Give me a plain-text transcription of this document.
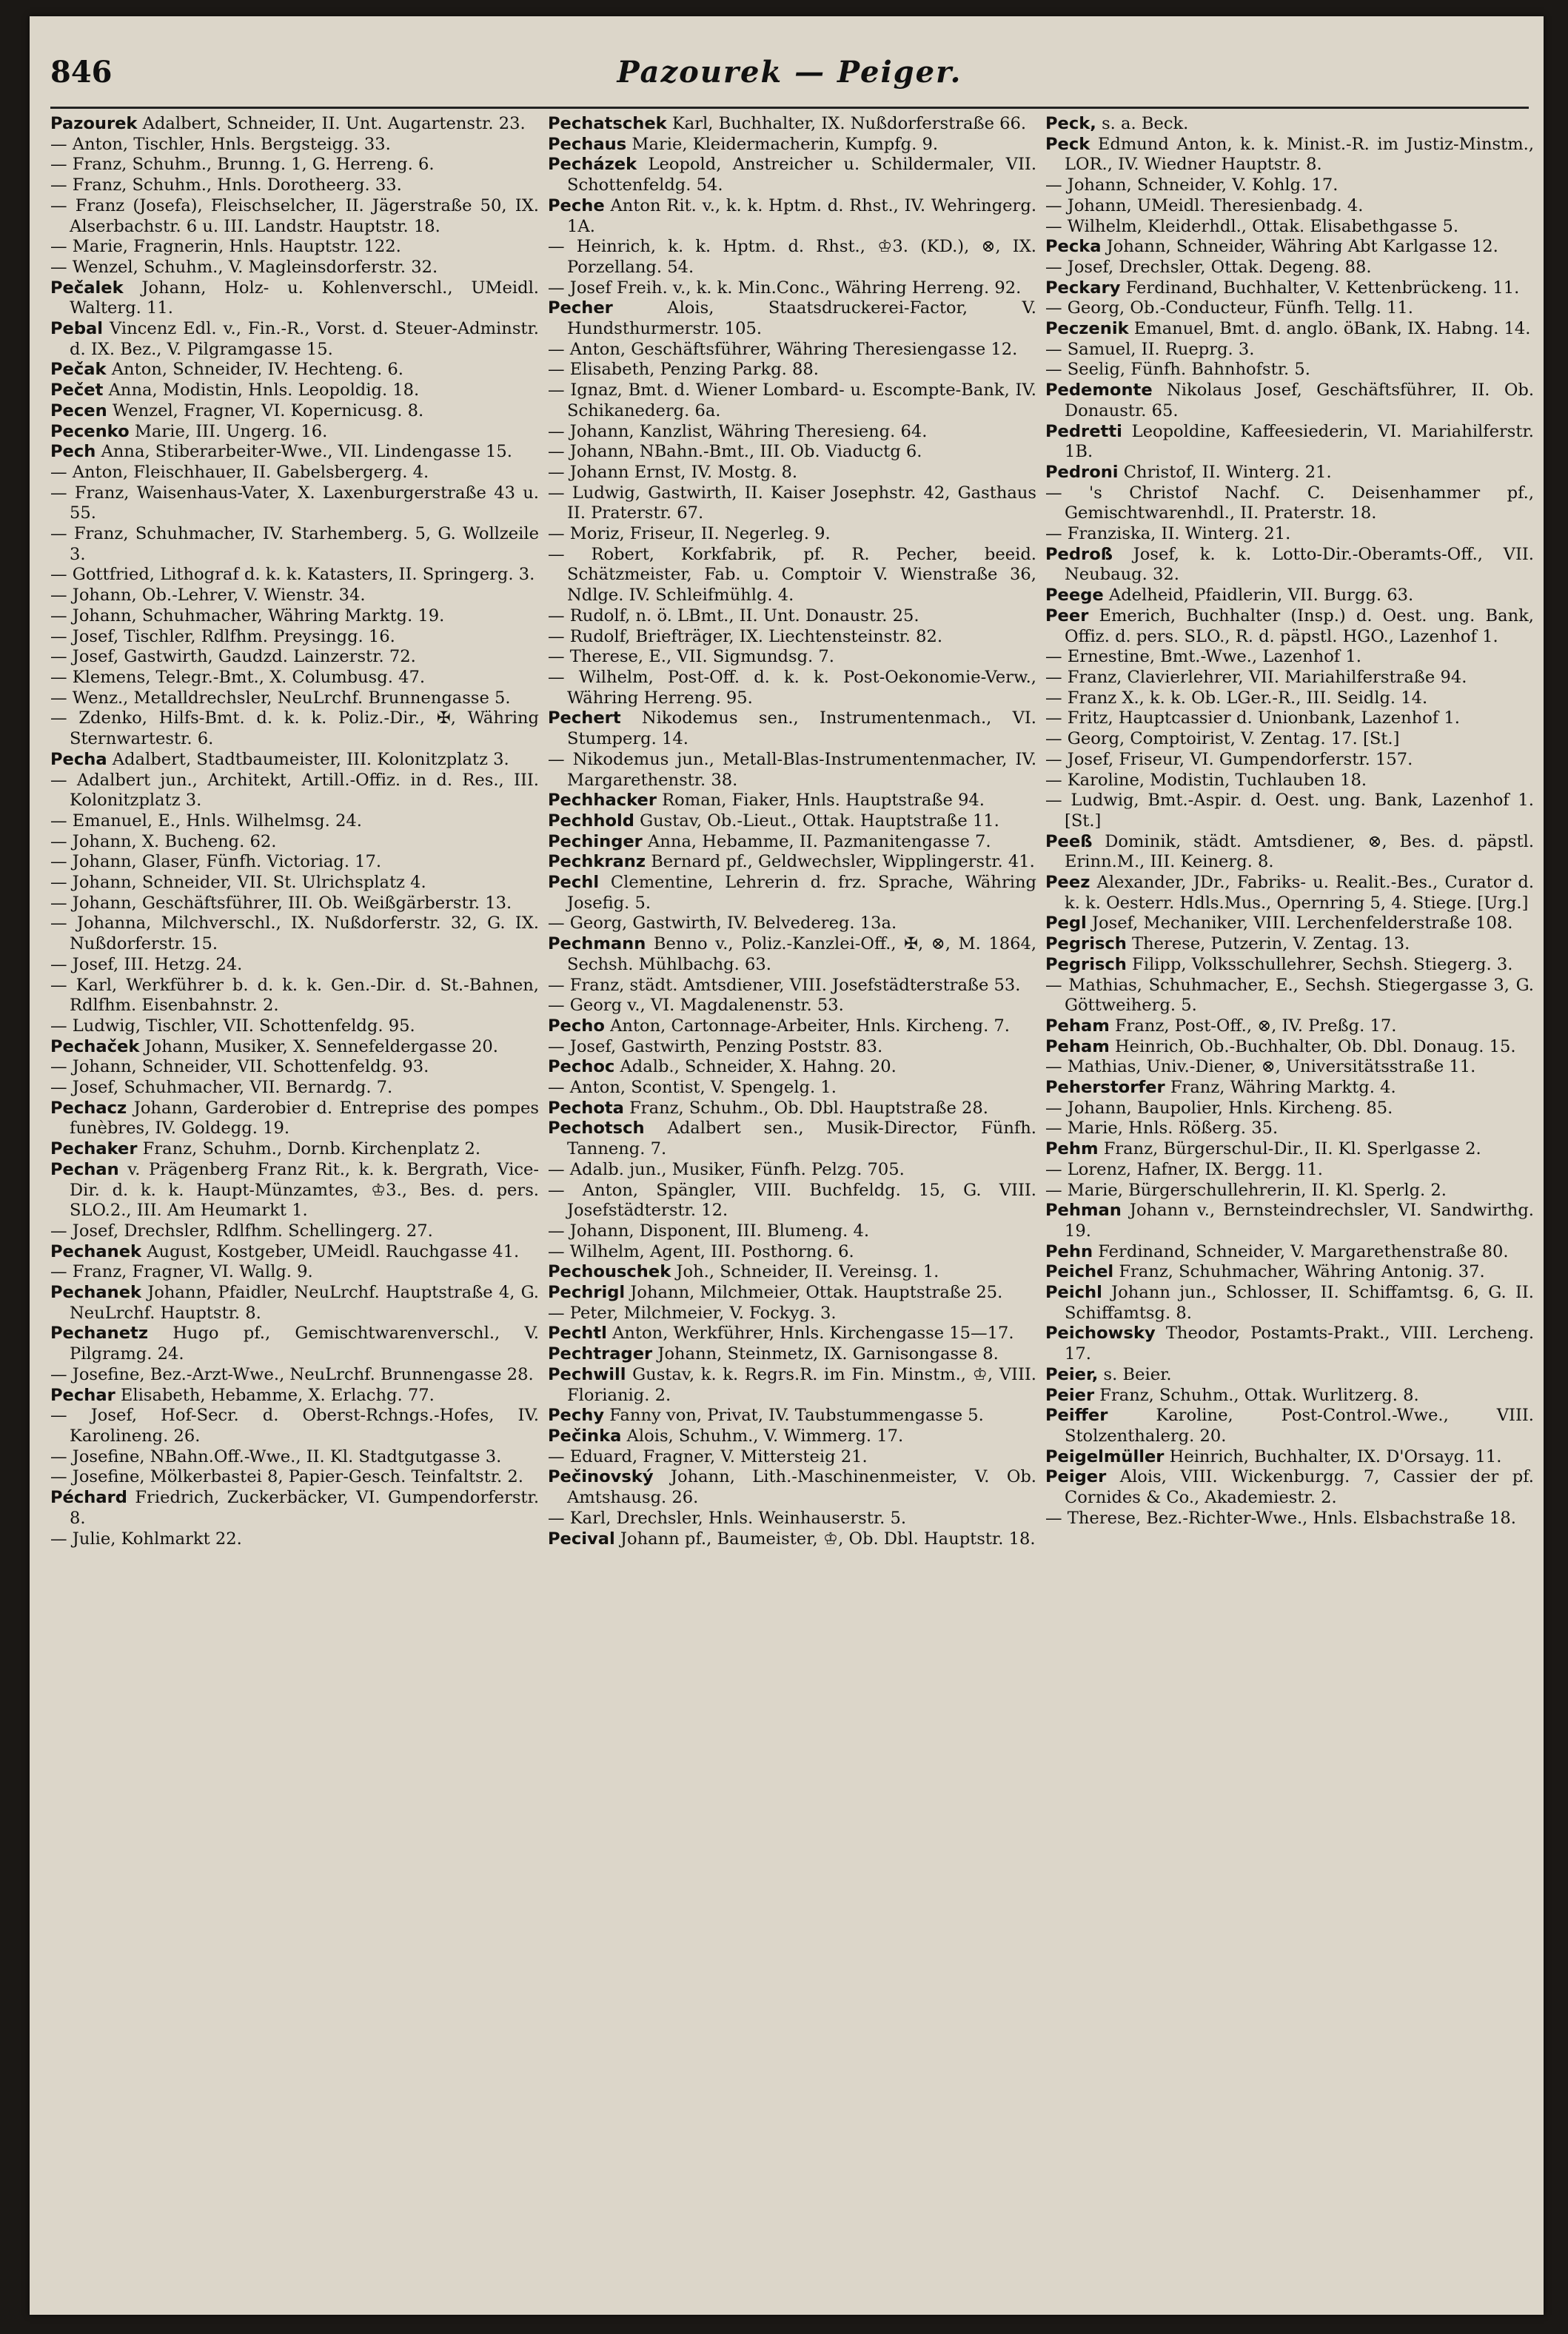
846	Pazourek — Peiger.

Pazourek Adalbert, Schneider, II. Unt. Augartenstr. 23.

— Anton, Tischler, Hnls. Bergsteigg. 33.

— Franz, Schuhm., Brunng. 1, G. Herreng. 6.

— Franz, Schuhm., Hnls. Dorotheerg. 33.

— Franz (Josefa), Fleischselcher, II. Jägerstraße 50, IX. Alserbachstr. 6 u. III. Landstr. Hauptstr. 18.

— Marie, Fragnerin, Hnls. Hauptstr. 122.

— Wenzel, Schuhm., V. Magleinsdorferstr. 32.

Pečalek Johann, Holz- u. Kohlenverschl., UMeidl. Walterg. 11.

Pebal Vincenz Edl. v., Fin.-R., Vorst. d. Steuer-Adminstr. d. IX. Bez., V. Pilgramgasse 15.

Pečak Anton, Schneider, IV. Hechteng. 6.

Pečet Anna, Modistin, Hnls. Leopoldig. 18.

Pecen Wenzel, Fragner, VI. Kopernicusg. 8.

Pecenko Marie, III. Ungerg. 16.

Pech Anna, Stiberarbeiter-Wwe., VII. Lindengasse 15.

— Anton, Fleischhauer, II. Gabelsbergerg. 4.

— Franz, Waisenhaus-Vater, X. Laxenburgerstraße 43 u. 55.

— Franz, Schuhmacher, IV. Starhemberg. 5, G. Wollzeile 3.

— Gottfried, Lithograf d. k. k. Katasters, II. Springerg. 3.

— Johann, Ob.-Lehrer, V. Wienstr. 34.

— Johann, Schuhmacher, Währing Marktg. 19.

— Josef, Tischler, Rdlfhm. Preysingg. 16.

— Josef, Gastwirth, Gaudzd. Lainzerstr. 72.

— Klemens, Telegr.-Bmt., X. Columbusg. 47.

— Wenz., Metalldrechsler, NeuLrchf. Brunnengasse 5.

— Zdenko, Hilfs-Bmt. d. k. k. Poliz.-Dir., ✠, Währing Sternwartestr. 6.

Pecha Adalbert, Stadtbaumeister, III. Kolonitzplatz 3.

— Adalbert jun., Architekt, Artill.-Offiz. in d. Res., III. Kolonitzplatz 3.

— Emanuel, E., Hnls. Wilhelmsg. 24.

— Johann, X. Bucheng. 62.

— Johann, Glaser, Fünfh. Victoriag. 17.

— Johann, Schneider, VII. St. Ulrichsplatz 4.

— Johann, Geschäftsführer, III. Ob. Weißgärberstr. 13.

— Johanna, Milchverschl., IX. Nußdorferstr. 32, G. IX. Nußdorferstr. 15.

— Josef, III. Hetzg. 24.

— Karl, Werkführer b. d. k. k. Gen.-Dir. d. St.-Bahnen, Rdlfhm. Eisenbahnstr. 2.

— Ludwig, Tischler, VII. Schottenfeldg. 95.

Pechaček Johann, Musiker, X. Sennefeldergasse 20.

— Johann, Schneider, VII. Schottenfeldg. 93.

— Josef, Schuhmacher, VII. Bernardg. 7.

Pechacz Johann, Garderobier d. Entreprise des pompes funèbres, IV. Goldegg. 19.

Pechaker Franz, Schuhm., Dornb. Kirchenplatz 2.

Pechan v. Prägenberg Franz Rit., k. k. Bergrath, Vice-Dir. d. k. k. Haupt-Münzamtes, ♔3., Bes. d. pers. SLO.2., III. Am Heumarkt 1.

— Josef, Drechsler, Rdlfhm. Schellingerg. 27.

Pechanek August, Kostgeber, UMeidl. Rauchgasse 41.

— Franz, Fragner, VI. Wallg. 9.

Pechanek Johann, Pfaidler, NeuLrchf. Hauptstraße 4, G. NeuLrchf. Hauptstr. 8.

Pechanetz Hugo pf., Gemischtwarenverschl., V. Pilgramg. 24.

— Josefine, Bez.-Arzt-Wwe., NeuLrchf. Brunnengasse 28.

Pechar Elisabeth, Hebamme, X. Erlachg. 77.

— Josef, Hof-Secr. d. Oberst-Rchngs.-Hofes, IV. Karolineng. 26.

— Josefine, NBahn.Off.-Wwe., II. Kl. Stadtgutgasse 3.

— Josefine, Mölkerbastei 8, Papier-Gesch. Teinfaltstr. 2.

Péchard Friedrich, Zuckerbäcker, VI. Gumpendorferstr. 8.

— Julie, Kohlmarkt 22.

Pechatschek Karl, Buchhalter, IX. Nußdorferstraße 66.

Pechaus Marie, Kleidermacherin, Kumpfg. 9.

Pecházek Leopold, Anstreicher u. Schildermaler, VII. Schottenfeldg. 54.

Peche Anton Rit. v., k. k. Hptm. d. Rhst., IV. Wehringerg. 1A.

— Heinrich, k. k. Hptm. d. Rhst., ♔3. (KD.), ⊗, IX. Porzellang. 54.

— Josef Freih. v., k. k. Min.Conc., Währing Herreng. 92.

Pecher Alois, Staatsdruckerei-Factor, V. Hundsthurmerstr. 105.

— Anton, Geschäftsführer, Währing Theresiengasse 12.

— Elisabeth, Penzing Parkg. 88.

— Ignaz, Bmt. d. Wiener Lombard- u. Escompte-Bank, IV. Schikanederg. 6a.

— Johann, Kanzlist, Währing Theresieng. 64.

— Johann, NBahn.-Bmt., III. Ob. Viaductg 6.

— Johann Ernst, IV. Mostg. 8.

— Ludwig, Gastwirth, II. Kaiser Josephstr. 42, Gasthaus II. Praterstr. 67.

— Moriz, Friseur, II. Negerleg. 9.

— Robert, Korkfabrik, pf. R. Pecher, beeid. Schätzmeister, Fab. u. Comptoir V. Wienstraße 36, Ndlge. IV. Schleifmühlg. 4.

— Rudolf, n. ö. LBmt., II. Unt. Donaustr. 25.

— Rudolf, Briefträger, IX. Liechtensteinstr. 82.

— Therese, E., VII. Sigmundsg. 7.

— Wilhelm, Post-Off. d. k. k. Post-Oekonomie-Verw., Währing Herreng. 95.

Pechert Nikodemus sen., Instrumentenmach., VI. Stumperg. 14.

— Nikodemus jun., Metall-Blas-Instrumentenmacher, IV. Margarethenstr. 38.

Pechhacker Roman, Fiaker, Hnls. Hauptstraße 94.

Pechhold Gustav, Ob.-Lieut., Ottak. Hauptstraße 11.

Pechinger Anna, Hebamme, II. Pazmanitengasse 7.

Pechkranz Bernard pf., Geldwechsler, Wipplingerstr. 41.

Pechl Clementine, Lehrerin d. frz. Sprache, Währing Josefig. 5.

— Georg, Gastwirth, IV. Belvedereg. 13a.

Pechmann Benno v., Poliz.-Kanzlei-Off., ✠, ⊗, M. 1864, Sechsh. Mühlbachg. 63.

— Franz, städt. Amtsdiener, VIII. Josefstädterstraße 53.

— Georg v., VI. Magdalenenstr. 53.

Pecho Anton, Cartonnage-Arbeiter, Hnls. Kircheng. 7.

— Josef, Gastwirth, Penzing Poststr. 83.

Pechoc Adalb., Schneider, X. Hahng. 20.

— Anton, Scontist, V. Spengelg. 1.

Pechota Franz, Schuhm., Ob. Dbl. Hauptstraße 28.

Pechotsch Adalbert sen., Musik-Director, Fünfh. Tanneng. 7.

— Adalb. jun., Musiker, Fünfh. Pelzg. 705.

— Anton, Spängler, VIII. Buchfeldg. 15, G. VIII. Josefstädterstr. 12.

— Johann, Disponent, III. Blumeng. 4.

— Wilhelm, Agent, III. Posthorng. 6.

Pechouschek Joh., Schneider, II. Vereinsg. 1.

Pechrigl Johann, Milchmeier, Ottak. Hauptstraße 25.

— Peter, Milchmeier, V. Fockyg. 3.

Pechtl Anton, Werkführer, Hnls. Kirchengasse 15—17.

Pechtrager Johann, Steinmetz, IX. Garnisongasse 8.

Pechwill Gustav, k. k. Regrs.R. im Fin. Minstm., ♔, VIII. Florianig. 2.

Pechy Fanny von, Privat, IV. Taubstummengasse 5.

Pečinka Alois, Schuhm., V. Wimmerg. 17.

— Eduard, Fragner, V. Mittersteig 21.

Pečinovský Johann, Lith.-Maschinenmeister, V. Ob. Amtshausg. 26.

— Karl, Drechsler, Hnls. Weinhauserstr. 5.

Pecival Johann pf., Baumeister, ♔, Ob. Dbl. Hauptstr. 18.

Peck, s. a. Beck.

Peck Edmund Anton, k. k. Minist.-R. im Justiz-Minstm., LOR., IV. Wiedner Hauptstr. 8.

— Johann, Schneider, V. Kohlg. 17.

— Johann, UMeidl. Theresienbadg. 4.

— Wilhelm, Kleiderhdl., Ottak. Elisabethgasse 5.

Pecka Johann, Schneider, Währing Abt Karlgasse 12.

— Josef, Drechsler, Ottak. Degeng. 88.

Peckary Ferdinand, Buchhalter, V. Kettenbrückeng. 11.

— Georg, Ob.-Conducteur, Fünfh. Tellg. 11.

Peczenik Emanuel, Bmt. d. anglo. öBank, IX. Habng. 14.

— Samuel, II. Rueprg. 3.

— Seelig, Fünfh. Bahnhofstr. 5.

Pedemonte Nikolaus Josef, Geschäftsführer, II. Ob. Donaustr. 65.

Pedretti Leopoldine, Kaffeesiederin, VI. Mariahilferstr. 1B.

Pedroni Christof, II. Winterg. 21.

— 's Christof Nachf. C. Deisenhammer pf., Gemischtwarenhdl., II. Praterstr. 18.

— Franziska, II. Winterg. 21.

Pedroß Josef, k. k. Lotto-Dir.-Oberamts-Off., VII. Neubaug. 32.

Peege Adelheid, Pfaidlerin, VII. Burgg. 63.

Peer Emerich, Buchhalter (Insp.) d. Oest. ung. Bank, Offiz. d. pers. SLO., R. d. päpstl. HGO., Lazenhof 1.

— Ernestine, Bmt.-Wwe., Lazenhof 1.

— Franz, Clavierlehrer, VII. Mariahilferstraße 94.

— Franz X., k. k. Ob. LGer.-R., III. Seidlg. 14.

— Fritz, Hauptcassier d. Unionbank, Lazenhof 1.

— Georg, Comptoirist, V. Zentag. 17. [St.]

— Josef, Friseur, VI. Gumpendorferstr. 157.

— Karoline, Modistin, Tuchlauben 18.

— Ludwig, Bmt.-Aspir. d. Oest. ung. Bank, Lazenhof 1. [St.]

Peeß Dominik, städt. Amtsdiener, ⊗, Bes. d. päpstl. Erinn.M., III. Keinerg. 8.

Peez Alexander, JDr., Fabriks- u. Realit.-Bes., Curator d. k. k. Oesterr. Hdls.Mus., Opernring 5, 4. Stiege. [Urg.]

Pegl Josef, Mechaniker, VIII. Lerchenfelderstraße 108.

Pegrisch Therese, Putzerin, V. Zentag. 13.

Pegrisch Filipp, Volksschullehrer, Sechsh. Stiegerg. 3.

— Mathias, Schuhmacher, E., Sechsh. Stiegergasse 3, G. Göttweiherg. 5.

Peham Franz, Post-Off., ⊗, IV. Preßg. 17.

Peham Heinrich, Ob.-Buchhalter, Ob. Dbl. Donaug. 15.

— Mathias, Univ.-Diener, ⊗, Universitätsstraße 11.

Peherstorfer Franz, Währing Marktg. 4.

— Johann, Baupolier, Hnls. Kircheng. 85.

— Marie, Hnls. Rößerg. 35.

Pehm Franz, Bürgerschul-Dir., II. Kl. Sperlgasse 2.

— Lorenz, Hafner, IX. Bergg. 11.

— Marie, Bürgerschullehrerin, II. Kl. Sperlg. 2.

Pehman Johann v., Bernsteindrechsler, VI. Sandwirthg. 19.

Pehn Ferdinand, Schneider, V. Margarethenstraße 80.

Peichel Franz, Schuhmacher, Währing Antonig. 37.

Peichl Johann jun., Schlosser, II. Schiffamtsg. 6, G. II. Schiffamtsg. 8.

Peichowsky Theodor, Postamts-Prakt., VIII. Lercheng. 17.

Peier, s. Beier.

Peier Franz, Schuhm., Ottak. Wurlitzerg. 8.

Peiffer Karoline, Post-Control.-Wwe., VIII. Stolzenthalerg. 20.

Peigelmüller Heinrich, Buchhalter, IX. D'Orsayg. 11.

Peiger Alois, VIII. Wickenburgg. 7, Cassier der pf. Cornides & Co., Akademiestr. 2.

— Therese, Bez.-Richter-Wwe., Hnls. Elsbachstraße 18.
